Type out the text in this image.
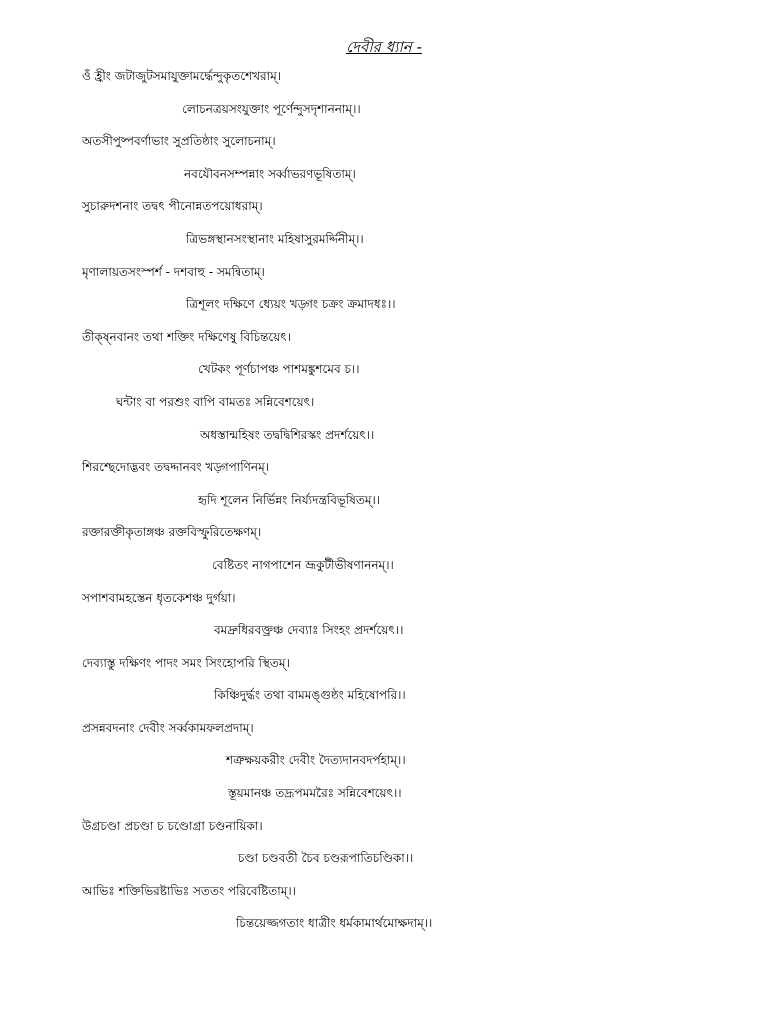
দেবীর ধ্যান -
ওঁ হ্রীং জটাজুটসমাযুক্তামর্দ্ধেন্দুকৃতশেখরাম্।
লোচনত্রয়সংযুক্তাং পূর্ণেন্দুসদৃশাননাম্।।
অতসীপুষ্পবর্ণাভাং সুপ্রতিষ্ঠাং সুলোচনাম্।
নবযৌবনসম্পন্নাং সর্ব্বাভরণভূষিতাম্।
সুচারুদশনাং তদ্বৎ পীনোন্নতপয়োধরাম্।
ত্রিভঙ্গস্থানসংস্থানাং মহিষাসুরমর্দ্দিনীম্।।
মৃণালায়তসংস্পর্শ - দশবাহু - সমন্বিতাম্।
ত্রিশূলং দক্ষিণে ধ্যেয়ং খড়্গং চক্রং ক্রমাদধঃ।।
তীক্ষ্নবানং তথা শক্তিং দক্ষিণেষু বিচিন্তয়েৎ।
খেটকং পূর্ণচাপঞ্চ পাশমঙ্কুশমেব চ।।
ঘন্টাং বা পরশুং বাপি বামতঃ সন্নিবেশয়েৎ।
অধস্তান্মহিষং তদ্বদ্বিশিরস্কং প্রদর্শয়েৎ।।
শিরশ্ছেদোদ্ভবং তদ্বদ্দানবং খড়্গপাণিনম্।
হৃদি শূলেন নির্ভিন্নং নির্য্যদন্ত্রবিভূষিতম্।।
রক্তারক্তীকৃতাঙ্গঞ্চ রক্তবিস্ফুরিতেক্ষণম্।
বেষ্টিতং নাগপাশেন ভ্রূকুটীভীষণাননম্।।
সপাশবামহস্তেন ধৃতকেশঞ্চ দুর্গয়া।
বমদ্রুধিরবক্ত্রঞ্চ দেব্যাঃ সিংহং প্রদর্শয়েৎ।।
দেব্যাস্তু দক্ষিণং পাদং সমং সিংহোপরি স্থিতম্।
কিঞ্চিদুর্দ্ধং তথা বামমঙ্গুষ্ঠং মহিষোপরি।।
প্রসন্নবদনাং দেবীং সর্ব্বকামফলপ্রদাম্।
শত্রুক্ষয়করীং দেবীং দৈত্যদানবদর্পহাম্।।
স্তূয়মানঞ্চ তদ্রূপমমরৈঃ সন্নিবেশয়েৎ।।
উগ্রচণ্ডা প্রচণ্ডা চ চণ্ডোগ্রা চণ্ডনায়িকা।
চণ্ডা চণ্ডবতী চৈব চণ্ডরূপাতিচণ্ডিকা।।
আভিঃ শক্তিভিরষ্টাভিঃ সততং পরিবেষ্টিতাম্।।
চিন্তয়েজ্জগতাং ধাত্রীং ধর্মকামার্থমোক্ষদাম্।।
